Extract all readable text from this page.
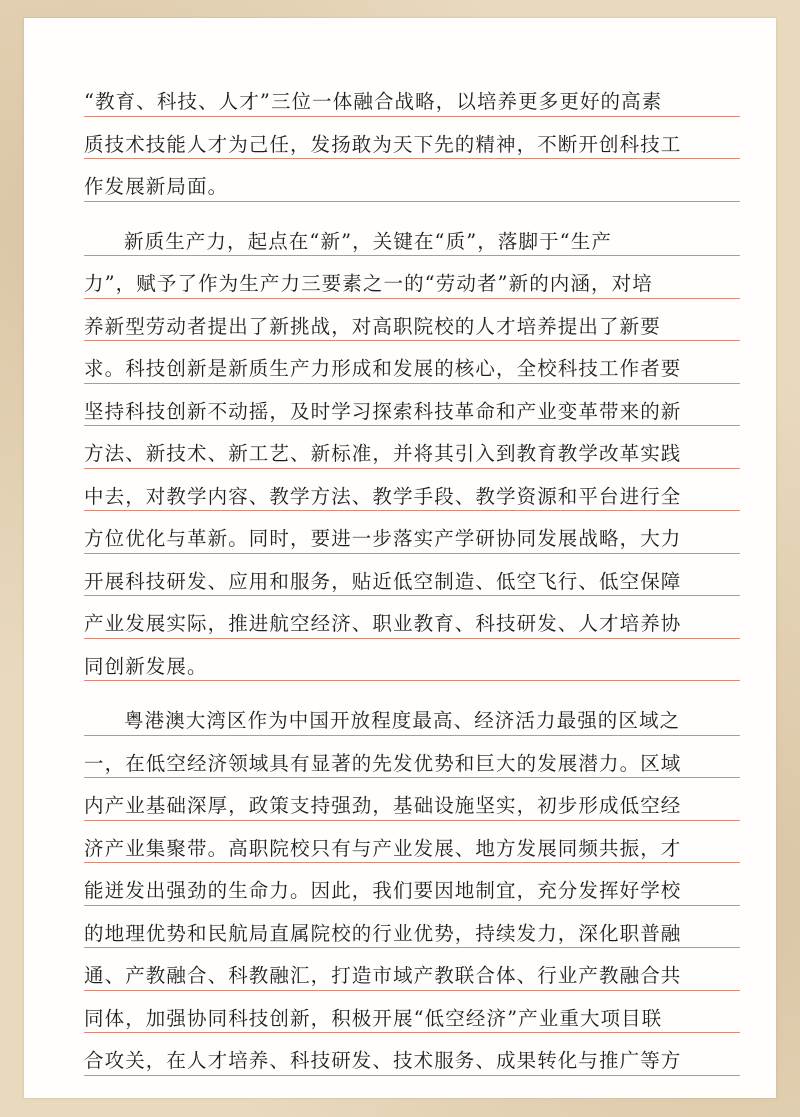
“教育、科技、人才”三位一体融合战略，以培养更多更好的高素
质技术技能人才为己任，发扬敢为天下先的精神，不断开创科技工
作发展新局面。
新质生产力，起点在“新”，关键在“质”，落脚于“生产
力”，赋予了作为生产力三要素之一的“劳动者”新的内涵，对培
养新型劳动者提出了新挑战，对高职院校的人才培养提出了新要
求。科技创新是新质生产力形成和发展的核心，全校科技工作者要
坚持科技创新不动摇，及时学习探索科技革命和产业变革带来的新
方法、新技术、新工艺、新标准，并将其引入到教育教学改革实践
中去，对教学内容、教学方法、教学手段、教学资源和平台进行全
方位优化与革新。同时，要进一步落实产学研协同发展战略，大力
开展科技研发、应用和服务，贴近低空制造、低空飞行、低空保障
产业发展实际，推进航空经济、职业教育、科技研发、人才培养协
同创新发展。
粤港澳大湾区作为中国开放程度最高、经济活力最强的区域之
一，在低空经济领域具有显著的先发优势和巨大的发展潜力。区域
内产业基础深厚，政策支持强劲，基础设施坚实，初步形成低空经
济产业集聚带。高职院校只有与产业发展、地方发展同频共振，才
能迸发出强劲的生命力。因此，我们要因地制宜，充分发挥好学校
的地理优势和民航局直属院校的行业优势，持续发力，深化职普融
通、产教融合、科教融汇，打造市域产教联合体、行业产教融合共
同体，加强协同科技创新，积极开展“低空经济”产业重大项目联
合攻关，在人才培养、科技研发、技术服务、成果转化与推广等方
